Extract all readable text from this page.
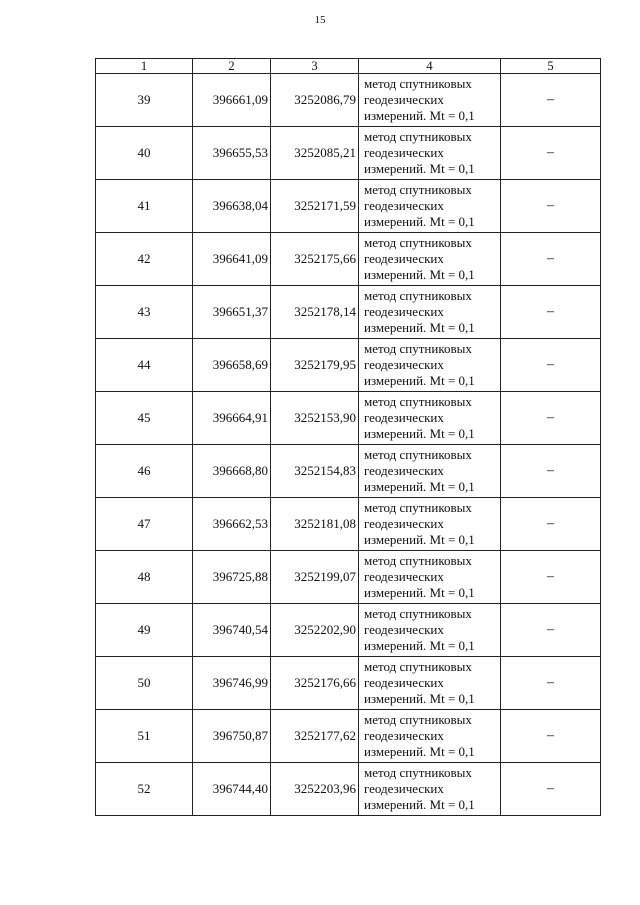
15
1	2	3	4	5
39	396661,09	3252086,79	метод спутниковых
геодезических
измерений. Mt = 0,1	–
40	396655,53	3252085,21	метод спутниковых
геодезических
измерений. Mt = 0,1	–
41	396638,04	3252171,59	метод спутниковых
геодезических
измерений. Mt = 0,1	–
42	396641,09	3252175,66	метод спутниковых
геодезических
измерений. Mt = 0,1	–
43	396651,37	3252178,14	метод спутниковых
геодезических
измерений. Mt = 0,1	–
44	396658,69	3252179,95	метод спутниковых
геодезических
измерений. Mt = 0,1	–
45	396664,91	3252153,90	метод спутниковых
геодезических
измерений. Mt = 0,1	–
46	396668,80	3252154,83	метод спутниковых
геодезических
измерений. Mt = 0,1	–
47	396662,53	3252181,08	метод спутниковых
геодезических
измерений. Mt = 0,1	–
48	396725,88	3252199,07	метод спутниковых
геодезических
измерений. Mt = 0,1	–
49	396740,54	3252202,90	метод спутниковых
геодезических
измерений. Mt = 0,1	–
50	396746,99	3252176,66	метод спутниковых
геодезических
измерений. Mt = 0,1	–
51	396750,87	3252177,62	метод спутниковых
геодезических
измерений. Mt = 0,1	–
52	396744,40	3252203,96	метод спутниковых
геодезических
измерений. Mt = 0,1	–
